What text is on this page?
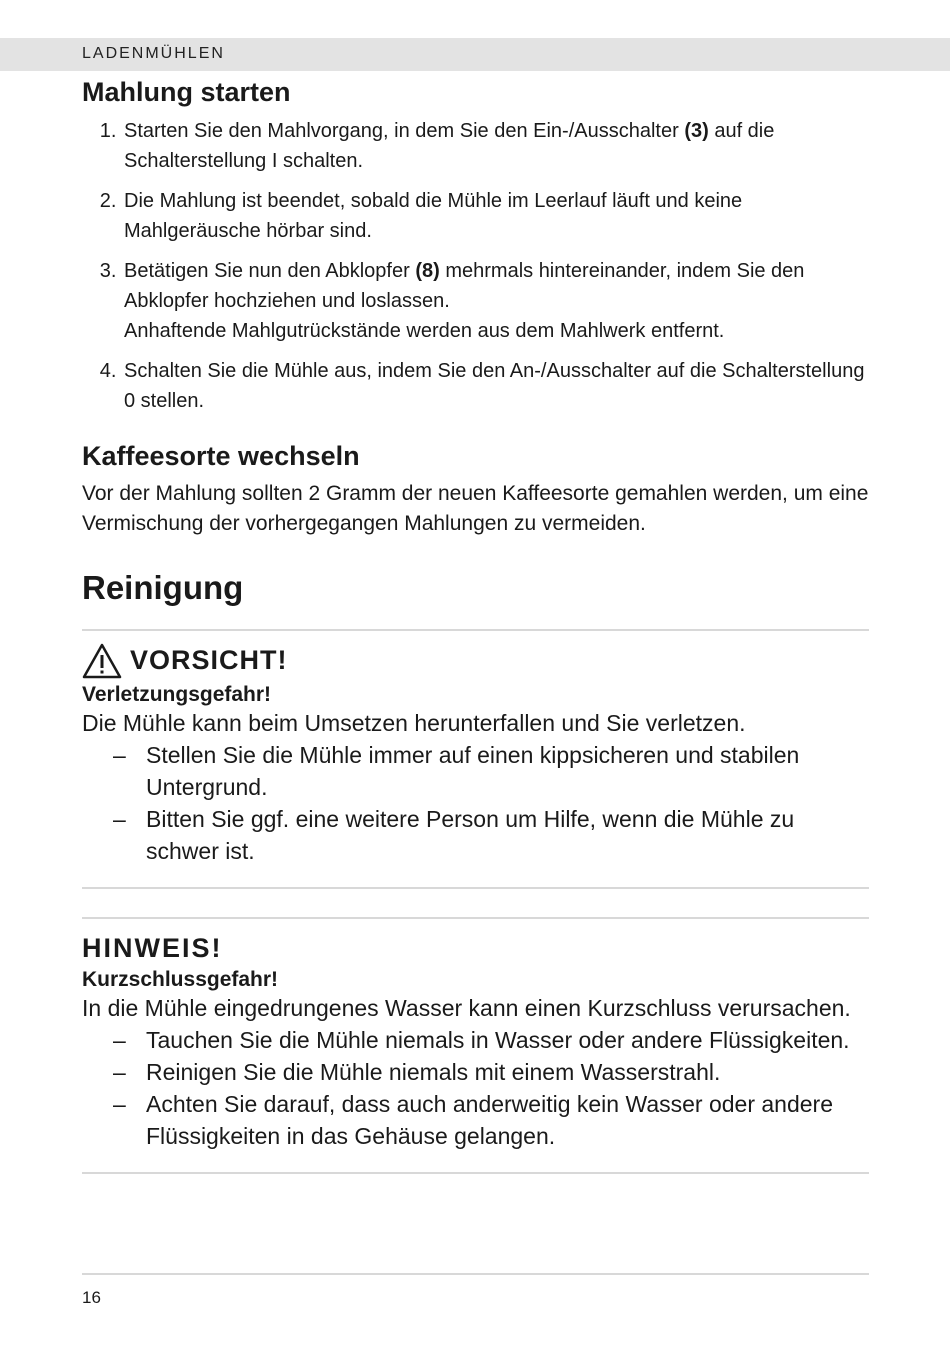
LADENMÜHLEN
Mahlung starten
1. Starten Sie den Mahlvorgang, in dem Sie den Ein-/Ausschalter (3) auf die Schalterstellung I schalten.
2. Die Mahlung ist beendet, sobald die Mühle im Leerlauf läuft und keine Mahlgeräusche hörbar sind.
3. Betätigen Sie nun den Abklopfer (8) mehrmals hintereinander, indem Sie den Abklopfer hochziehen und loslassen.
Anhaftende Mahlgutrückstände werden aus dem Mahlwerk entfernt.
4. Schalten Sie die Mühle aus, indem Sie den An-/Ausschalter auf die Schalterstellung 0 stellen.
Kaffeesorte wechseln

Vor der Mahlung sollten 2 Gramm der neuen Kaffeesorte gemahlen werden, um eine Vermischung der vorhergegangen Mahlungen zu vermeiden.

Reinigung
VORSICHT!
Verletzungsgefahr!
Die Mühle kann beim Umsetzen herunterfallen und Sie verletzen.
– Stellen Sie die Mühle immer auf einen kippsicheren und stabilen Untergrund.
– Bitten Sie ggf. eine weitere Person um Hilfe, wenn die Mühle zu schwer ist.
HINWEIS!
Kurzschlussgefahr!
In die Mühle eingedrungenes Wasser kann einen Kurzschluss verursachen.
– Tauchen Sie die Mühle niemals in Wasser oder andere Flüssigkeiten.
– Reinigen Sie die Mühle niemals mit einem Wasserstrahl.
– Achten Sie darauf, dass auch anderweitig kein Wasser oder andere Flüssigkeiten in das Gehäuse gelangen.
16
